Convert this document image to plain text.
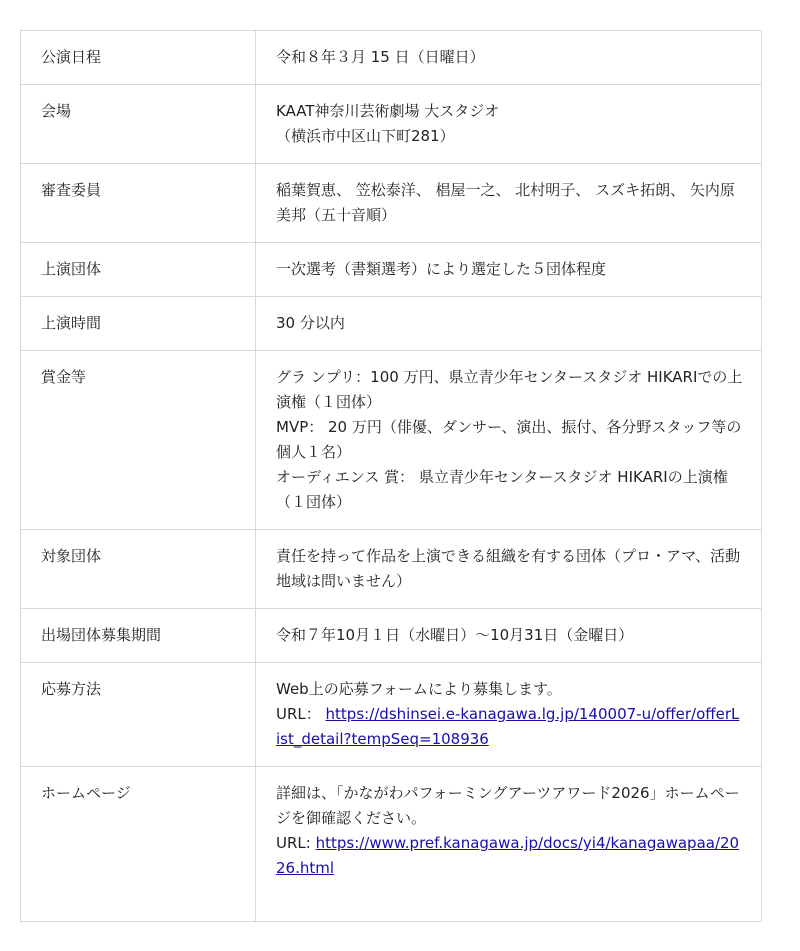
公演日程	令和８年３月 15 日（日曜日）

会場	KAAT神奈川芸術劇場 大スタジオ
（横浜市中区山下町281）

審査委員	稲葉賀恵、 笠松泰洋、 椙屋一之、 北村明子、 スズキ拓朗、 矢内原美邦（五十音順）

上演団体	一次選考（書類選考）により選定した５団体程度

上演時間	30 分以内

賞金等	グラ ンプリ：100 万円、県立青少年センタースタジオ HIKARIでの上演権（１団体）
MVP： 20 万円（俳優、ダンサー、演出、振付、各分野スタッフ等の個人１名）
オーディエンス 賞： 県立青少年センタースタジオ HIKARIの上演権（１団体）

対象団体	責任を持って作品を上演できる組織を有する団体（プロ・アマ、活動地域は問いません）

出場団体募集期間	令和７年10月１日（水曜日）～10月31日（金曜日）

応募方法	Web上の応募フォームにより募集します。
URL： https://dshinsei.e-kanagawa.lg.jp/140007-u/offer/offerList_detail?tempSeq=108936
ホームページ	詳細は、「かながわパフォーミングアーツアワード2026」ホームページを御確認ください。
URL: https://www.pref.kanagawa.jp/docs/yi4/kanagawapaa/2026.html
